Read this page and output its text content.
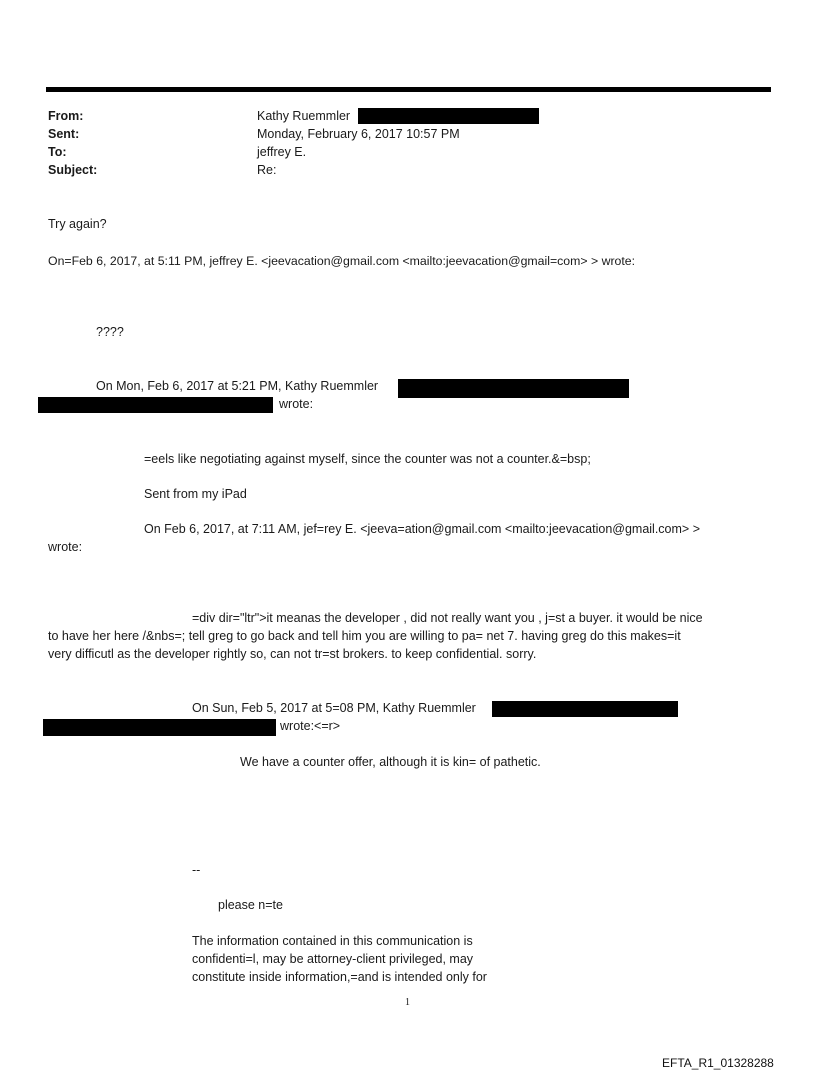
From:	Kathy Ruemmler
Sent:	Monday, February 6, 2017 10:57 PM
To:	jeffrey E.
Subject:	Re:
Try again?
On=Feb 6, 2017, at 5:11 PM, jeffrey E. <jeevacation@gmail.com <mailto:jeevacation@gmail=com> > wrote:
????
On Mon, Feb 6, 2017 at 5:21 PM, Kathy Ruemmler
wrote:
=eels like negotiating against myself, since the counter was not a counter.&=bsp;
Sent from my iPad
On Feb 6, 2017, at 7:11 AM, jef=rey E. <jeeva=ation@gmail.com <mailto:jeevacation@gmail.com> >
wrote:
=div dir="ltr">it meanas the developer , did not really want you , j=st a buyer. it would be nice
to have her here /&nbs=; tell greg to go back and tell him you are willing to pa= net 7. having greg do this makes=it
very difficutl as the developer rightly so, can not tr=st brokers. to keep confidential. sorry.
On Sun, Feb 5, 2017 at 5=08 PM, Kathy Ruemmler
wrote:<=r>
We have a counter offer, although it is kin= of pathetic.
--
please n=te
The information contained in this communication is
confidenti=l, may be attorney-client privileged, may
constitute inside information,=and is intended only for
1
EFTA_R1_01328288
